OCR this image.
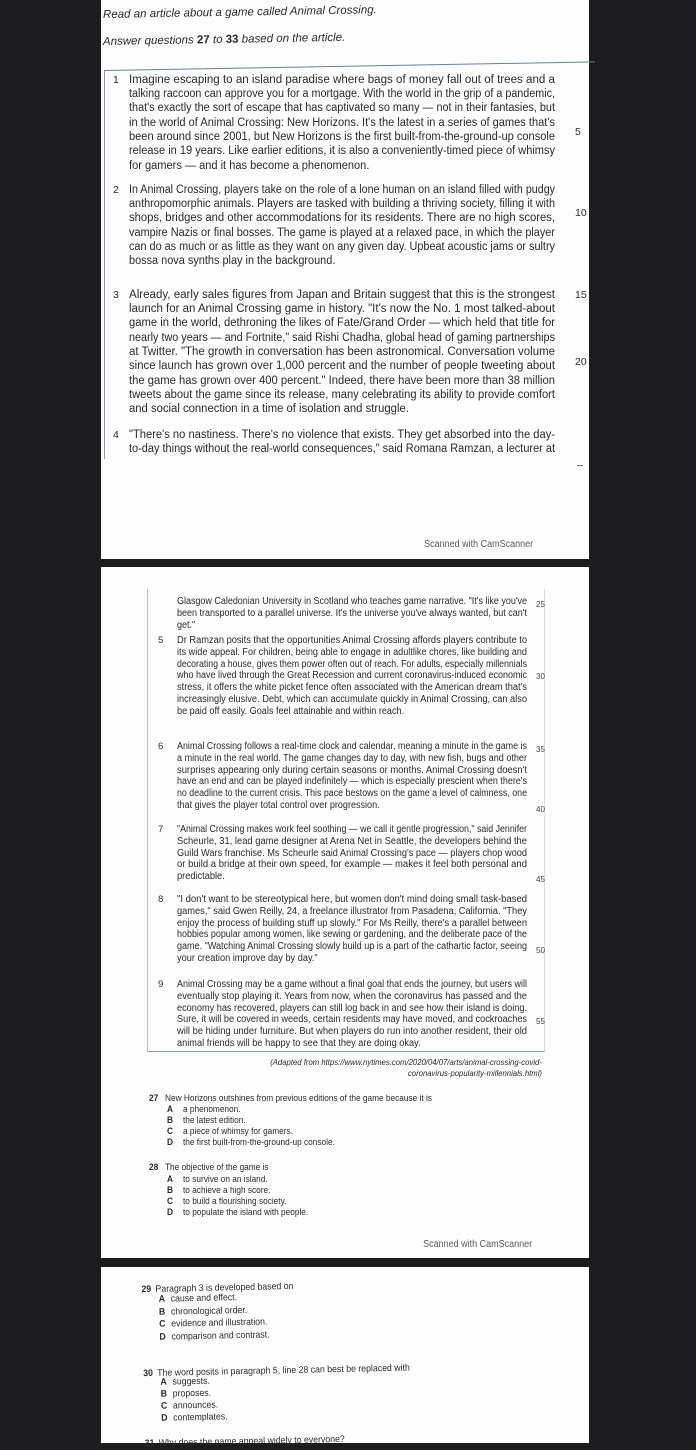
Read an article about a game called Animal Crossing.
Answer questions 27 to 33 based on the article.
1 Imagine escaping to an island paradise where bags of money fall out of trees and a
talking raccoon can approve you for a mortgage. With the world in the grip of a pandemic,
that's exactly the sort of escape that has captivated so many — not in their fantasies, but
in the world of Animal Crossing: New Horizons. It's the latest in a series of games that's
been around since 2001, but New Horizons is the first built-from-the-ground-up console
release in 19 years. Like earlier editions, it is also a conveniently-timed piece of whimsy
for gamers — and it has become a phenomenon.
2 In Animal Crossing, players take on the role of a lone human on an island filled with pudgy
anthropomorphic animals. Players are tasked with building a thriving society, filling it with
shops, bridges and other accommodations for its residents. There are no high scores,
vampire Nazis or final bosses. The game is played at a relaxed pace, in which the player
can do as much or as little as they want on any given day. Upbeat acoustic jams or sultry
bossa nova synths play in the background.
3 Already, early sales figures from Japan and Britain suggest that this is the strongest
launch for an Animal Crossing game in history. "It's now the No. 1 most talked-about
game in the world, dethroning the likes of Fate/Grand Order — which held that title for
nearly two years — and Fortnite," said Rishi Chadha, global head of gaming partnerships
at Twitter. "The growth in conversation has been astronomical. Conversation volume
since launch has grown over 1,000 percent and the number of people tweeting about
the game has grown over 400 percent." Indeed, there have been more than 38 million
tweets about the game since its release, many celebrating its ability to provide comfort
and social connection in a time of isolation and struggle.
4 "There's no nastiness. There's no violence that exists. They get absorbed into the day-
to-day things without the real-world consequences," said Romana Ramzan, a lecturer at
Scanned with CamScanner
5
10
15
20
Glasgow Caledonian University in Scotland who teaches game narrative. "It's like you've
been transported to a parallel universe. It's the universe you've always wanted, but can't
get."
5 Dr Ramzan posits that the opportunities Animal Crossing affords players contribute to
its wide appeal. For children, being able to engage in adultlike chores, like building and
decorating a house, gives them power often out of reach. For adults, especially millennials
who have lived through the Great Recession and current coronavirus-induced economic
stress, it offers the white picket fence often associated with the American dream that's
increasingly elusive. Debt, which can accumulate quickly in Animal Crossing, can also
be paid off easily. Goals feel attainable and within reach.
6 Animal Crossing follows a real-time clock and calendar, meaning a minute in the game is
a minute in the real world. The game changes day to day, with new fish, bugs and other
surprises appearing only during certain seasons or months. Animal Crossing doesn't
have an end and can be played indefinitely — which is especially prescient when there's
no deadline to the current crisis. This pace bestows on the game a level of calmness, one
that gives the player total control over progression.
7 "Animal Crossing makes work feel soothing — we call it gentle progression," said Jennifer
Scheurle, 31, lead game designer at Arena Net in Seattle, the developers behind the
Guild Wars franchise. Ms Scheurle said Animal Crossing's pace — players chop wood
or build a bridge at their own speed, for example — makes it feel both personal and
predictable.
8 "I don't want to be stereotypical here, but women don't mind doing small task-based
games," said Gwen Reilly, 24, a freelance illustrator from Pasadena, California. "They
enjoy the process of building stuff up slowly." For Ms Reilly, there's a parallel between
hobbies popular among women, like sewing or gardening, and the deliberate pace of the
game. "Watching Animal Crossing slowly build up is a part of the cathartic factor, seeing
your creation improve day by day."
9 Animal Crossing may be a game without a final goal that ends the journey, but users will
eventually stop playing it. Years from now, when the coronavirus has passed and the
economy has recovered, players can still log back in and see how their island is doing.
Sure, it will be covered in weeds, certain residents may have moved, and cockroaches
will be hiding under furniture. But when players do run into another resident, their old
animal friends will be happy to see that they are doing okay.
(Adapted from https://www.nytimes.com/2020/04/07/arts/animal-crossing-covid-
coronavirus-popularity-millennials.html)
27 New Horizons outshines from previous editions of the game because it is
A a phenomenon.
B the latest edition.
C a piece of whimsy for gamers.
D the first built-from-the-ground-up console.
28 The objective of the game is
A to survive on an island.
B to achieve a high score.
C to build a flourishing society.
D to populate the island with people.
Scanned with CamScanner
25
30
35
40
45
50
55
29 Paragraph 3 is developed based on
A cause and effect.
B chronological order.
C evidence and illustration.
D comparison and contrast.
30 The word posits in paragraph 5, line 28 can best be replaced with
A suggests.
B proposes.
C announces.
D contemplates.
31 Why does the game appeal widely to everyone?
